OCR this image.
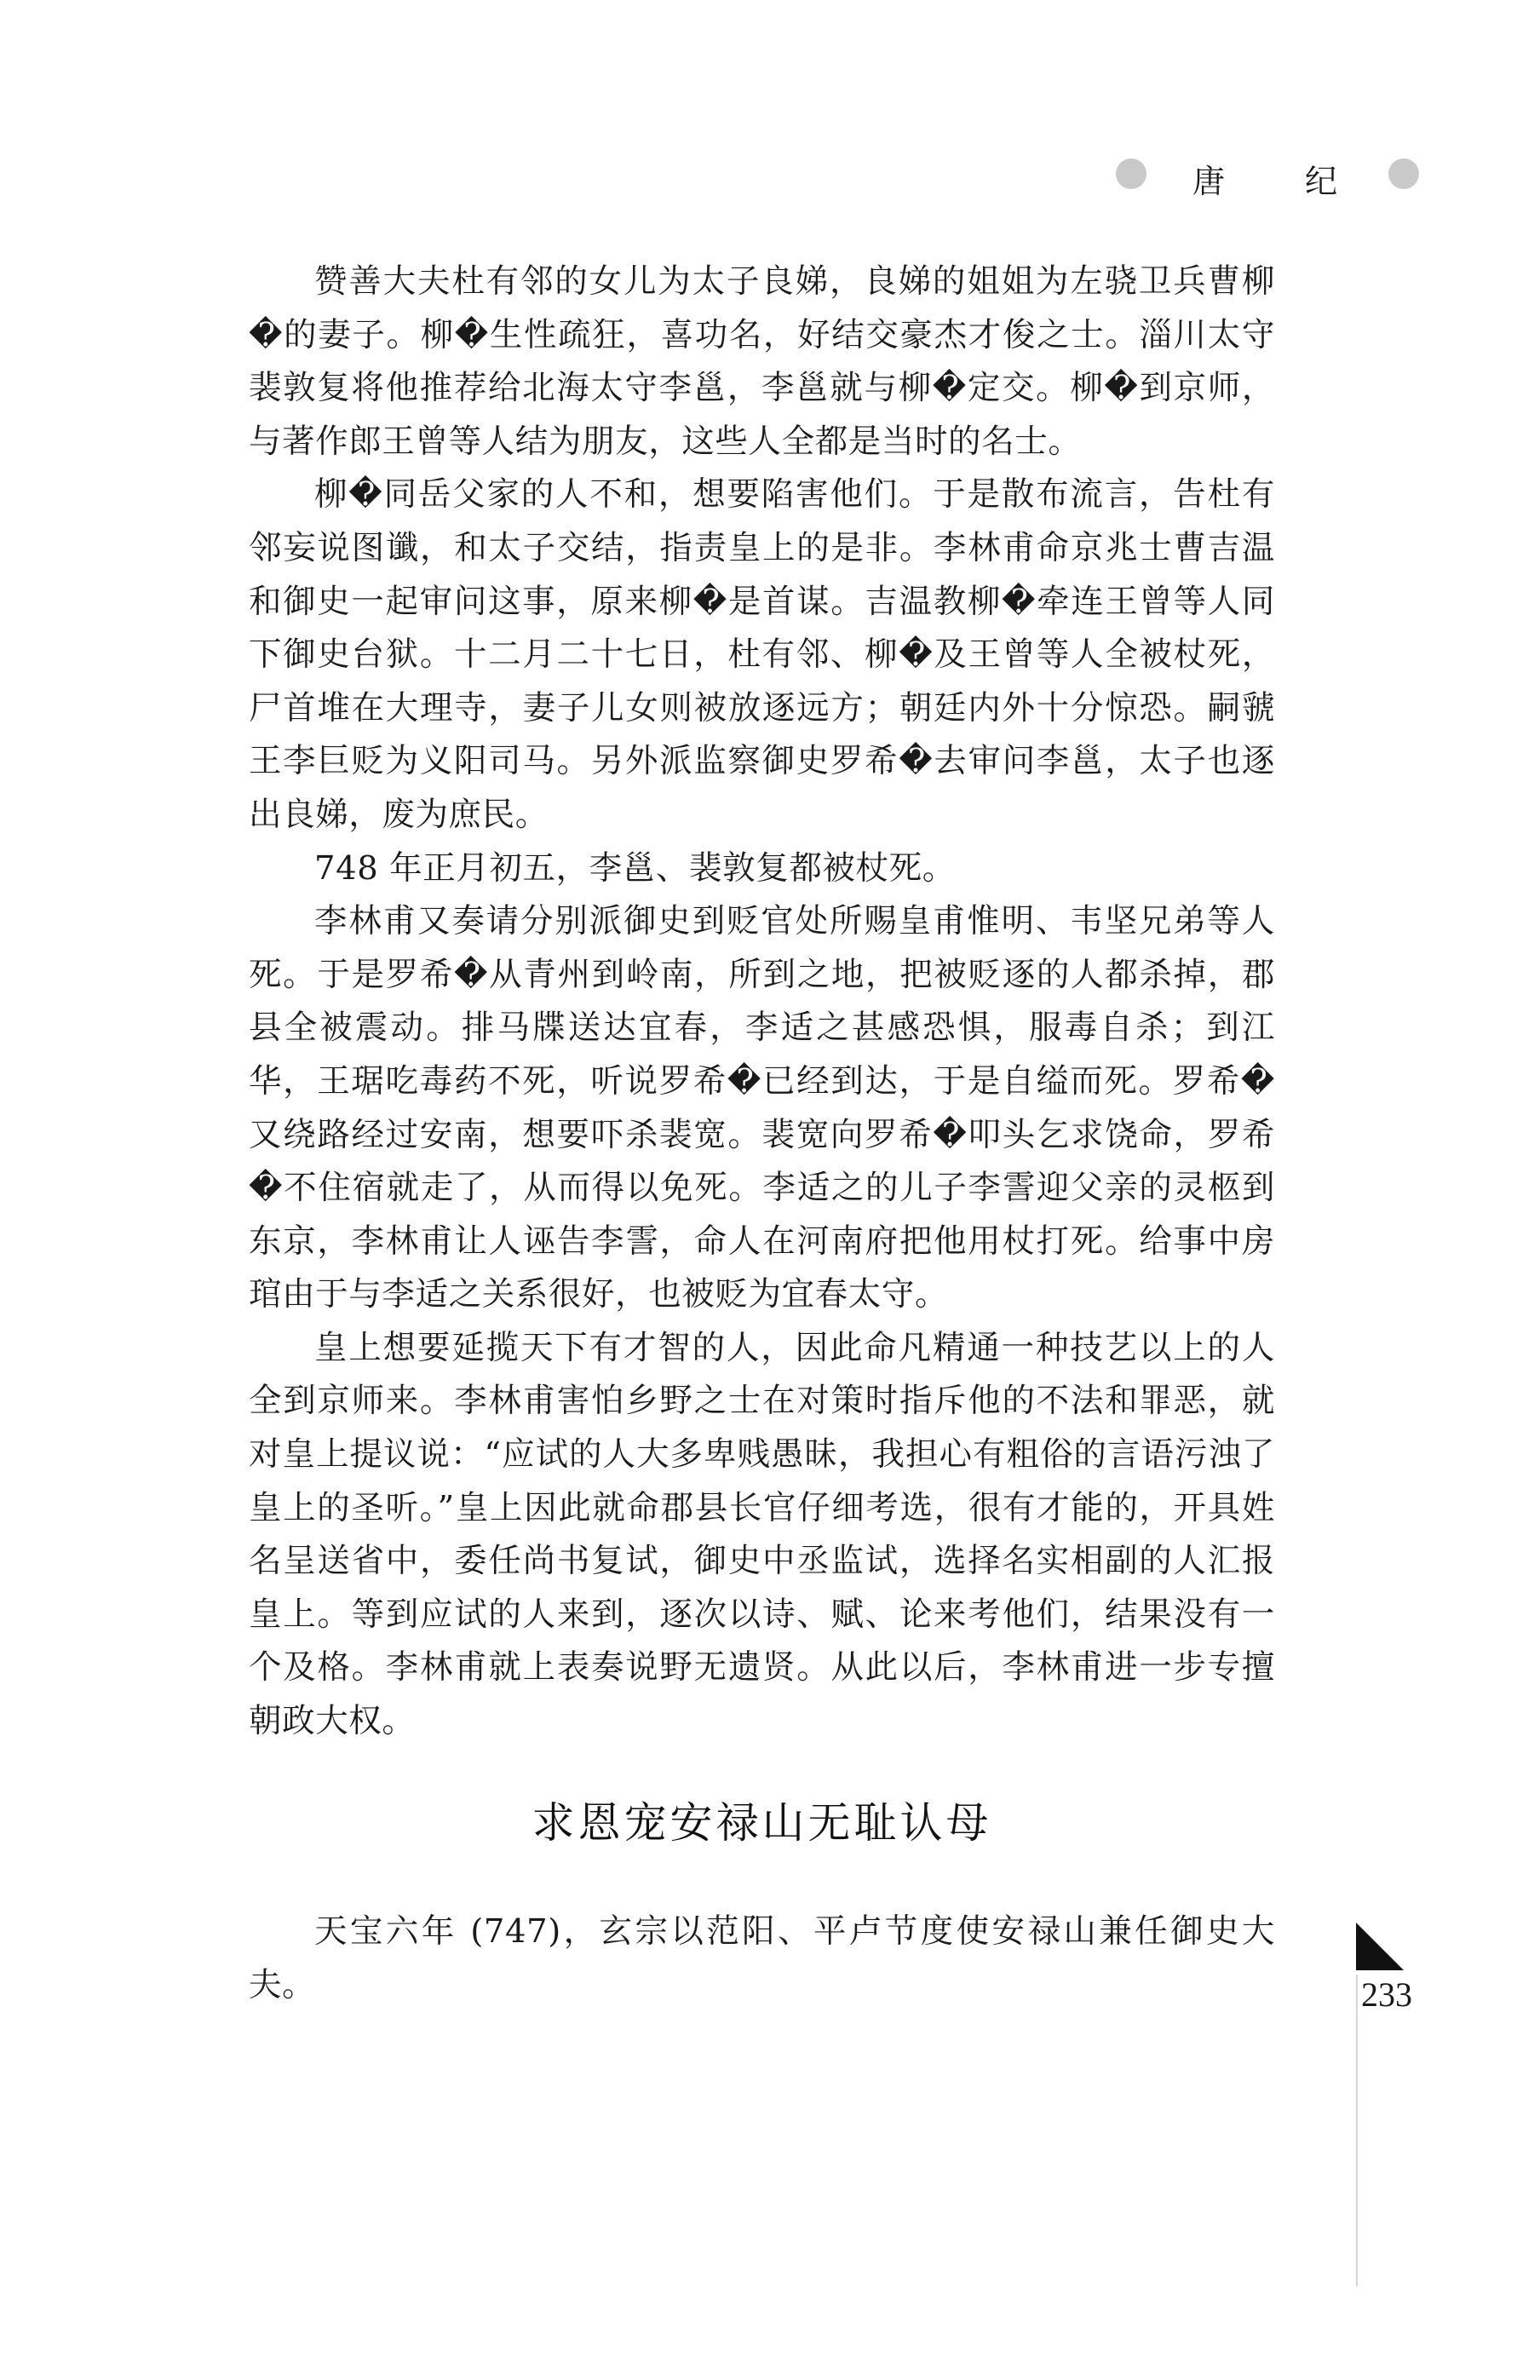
唐 纪

赞善大夫杜有邻的女儿为太子良娣，良娣的姐姐为左骁卫兵曹柳�的妻子。柳�生性疏狂，喜功名，好结交豪杰才俊之士。淄川太守裴敦复将他推荐给北海太守李邕，李邕就与柳�定交。柳�到京师，与著作郎王曾等人结为朋友，这些人全都是当时的名士。

柳�同岳父家的人不和，想要陷害他们。于是散布流言，告杜有邻妄说图谶，和太子交结，指责皇上的是非。李林甫命京兆士曹吉温和御史一起审问这事，原来柳�是首谋。吉温教柳�牵连王曾等人同下御史台狱。十二月二十七日，杜有邻、柳�及王曾等人全被杖死，尸首堆在大理寺，妻子儿女则被放逐远方；朝廷内外十分惊恐。嗣虢王李巨贬为义阳司马。另外派监察御史罗希�去审问李邕，太子也逐出良娣，废为庶民。

748 年正月初五，李邕、裴敦复都被杖死。

李林甫又奏请分别派御史到贬官处所赐皇甫惟明、韦坚兄弟等人死。于是罗希�从青州到岭南，所到之地，把被贬逐的人都杀掉，郡县全被震动。排马牒送达宜春，李适之甚感恐惧，服毒自杀；到江华，王琚吃毒药不死，听说罗希�已经到达，于是自缢而死。罗希�又绕路经过安南，想要吓杀裴宽。裴宽向罗希�叩头乞求饶命，罗希�不住宿就走了，从而得以免死。李适之的儿子李霅迎父亲的灵柩到东京，李林甫让人诬告李霅，命人在河南府把他用杖打死。给事中房琯由于与李适之关系很好，也被贬为宜春太守。

皇上想要延揽天下有才智的人，因此命凡精通一种技艺以上的人全到京师来。李林甫害怕乡野之士在对策时指斥他的不法和罪恶，就对皇上提议说：“应试的人大多卑贱愚昧，我担心有粗俗的言语污浊了皇上的圣听。”皇上因此就命郡县长官仔细考选，很有才能的，开具姓名呈送省中，委任尚书复试，御史中丞监试，选择名实相副的人汇报皇上。等到应试的人来到，逐次以诗、赋、论来考他们，结果没有一个及格。李林甫就上表奏说野无遗贤。从此以后，李林甫进一步专擅朝政大权。

求恩宠安禄山无耻认母

天宝六年 (747)，玄宗以范阳、平卢节度使安禄山兼任御史大夫。	233
